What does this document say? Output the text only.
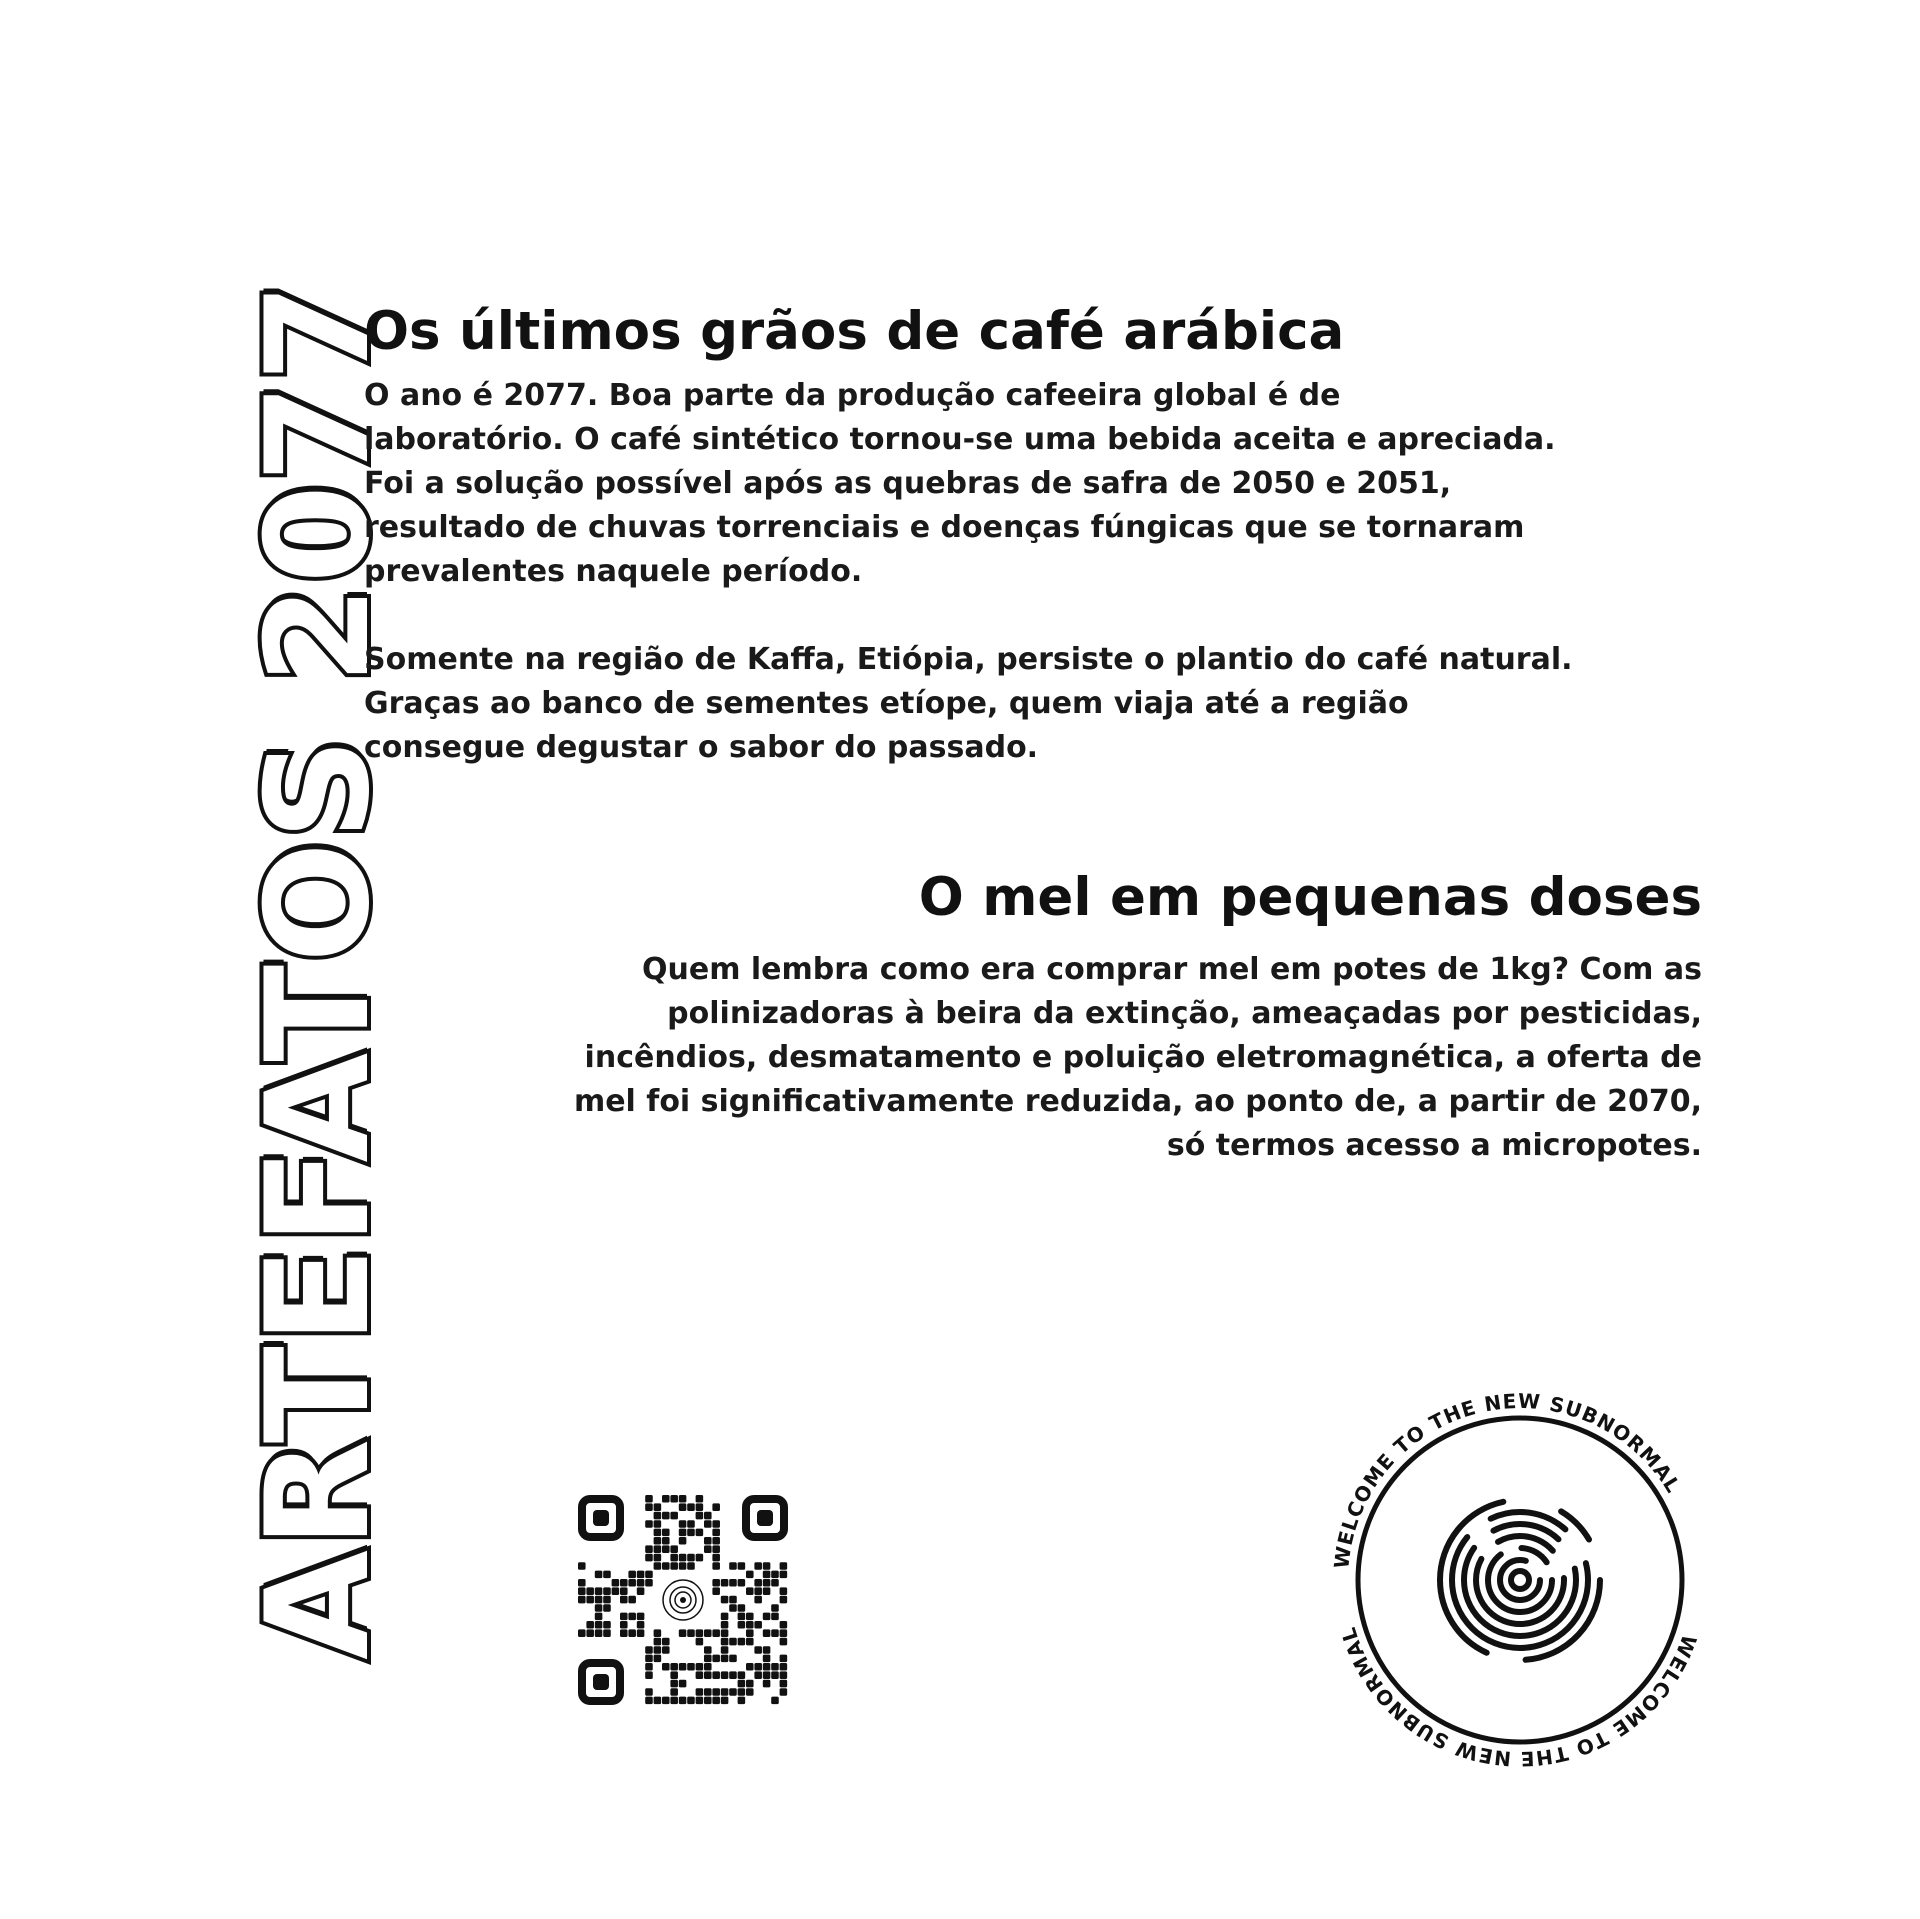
ARTEFATOS 2077
Os últimos grãos de café arábica

O ano é 2077. Boa parte da produção cafeeira global é de
laboratório. O café sintético tornou-se uma bebida aceita e apreciada.
Foi a solução possível após as quebras de safra de 2050 e 2051,
resultado de chuvas torrenciais e doenças fúngicas que se tornaram
prevalentes naquele período.

Somente na região de Kaffa, Etiópia, persiste o plantio do café natural.
Graças ao banco de sementes etíope, quem viaja até a região
consegue degustar o sabor do passado.

O mel em pequenas doses

Quem lembra como era comprar mel em potes de 1kg? Com as
polinizadoras à beira da extinção, ameaçadas por pesticidas,
incêndios, desmatamento e poluição eletromagnética, a oferta de
mel foi significativamente reduzida, ao ponto de, a partir de 2070,
só termos acesso a micropotes.

WELCOME TO THE NEW SUBNORMAL
WELCOME TO THE NEW SUBNORMAL
